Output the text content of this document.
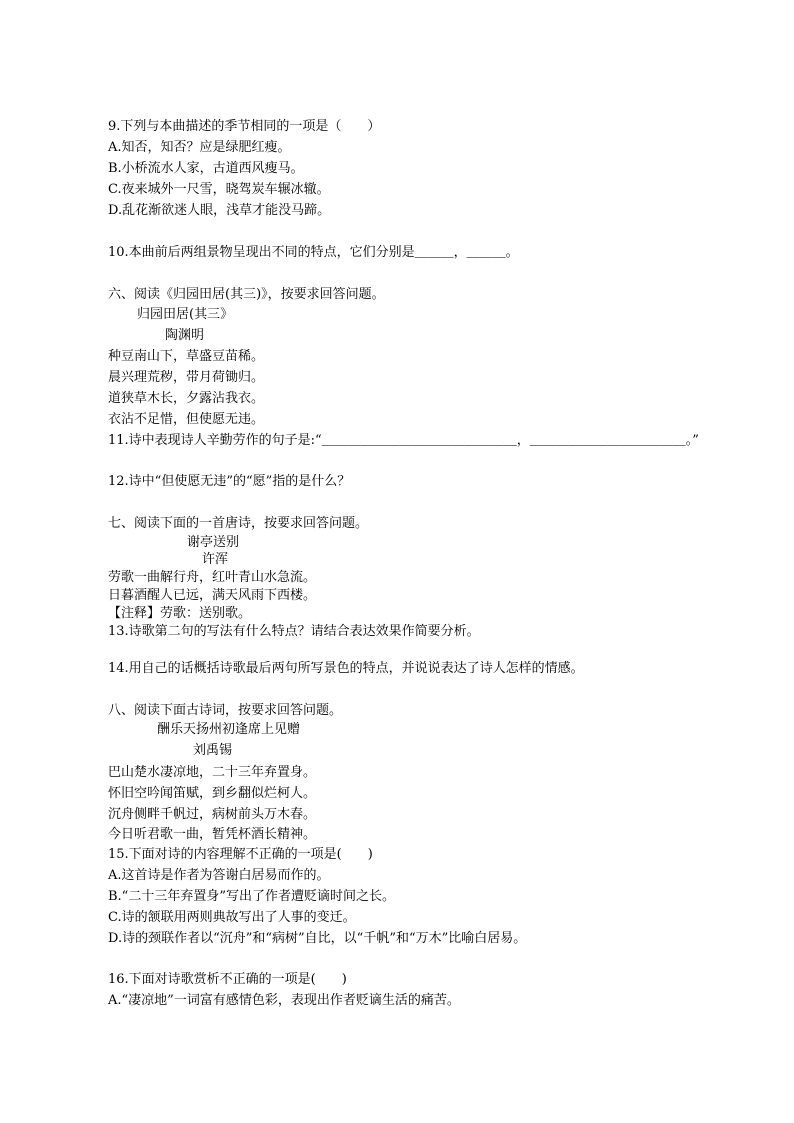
9.下列与本曲描述的季节相同的一项是（　　）
A.知否，知否？应是绿肥红瘦。
B.小桥流水人家，古道西风瘦马。
C.夜来城外一尺雪，晓驾炭车辗冰辙。
D.乱花渐欲迷人眼，浅草才能没马蹄。
10.本曲前后两组景物呈现出不同的特点，它们分别是＿＿＿，＿＿＿。
六、阅读《归园田居(其三)》，按要求回答问题。
归园田居(其三》
陶渊明
种豆南山下，草盛豆苗稀。
晨兴理荒秽，带月荷锄归。
道狭草木长，夕露沾我衣。
衣沾不足惜，但使愿无违。
11.诗中表现诗人辛勤劳作的句子是:“＿＿＿＿＿＿＿＿＿＿＿＿＿＿＿，＿＿＿＿＿＿＿＿＿＿＿＿。”
12.诗中“但使愿无违”的“愿”指的是什么？
七、阅读下面的一首唐诗，按要求回答问题。
谢亭送别
许浑
劳歌一曲解行舟，红叶青山水急流。
日暮酒醒人已远，满天风雨下西楼。
【注释】劳歌：送别歌。
13.诗歌第二句的写法有什么特点？请结合表达效果作简要分析。
14.用自己的话概括诗歌最后两句所写景色的特点，并说说表达了诗人怎样的情感。
八、阅读下面古诗词，按要求回答问题。
酬乐天扬州初逢席上见赠
刘禹锡
巴山楚水凄凉地，二十三年弃置身。
怀旧空吟闻笛赋，到乡翻似烂柯人。
沉舟侧畔千帆过，病树前头万木春。
今日听君歌一曲，暂凭杯酒长精神。
15.下面对诗的内容理解不正确的一项是(　　)
A.这首诗是作者为答谢白居易而作的。
B.“二十三年弃置身”写出了作者遭贬谪时间之长。
C.诗的颔联用两则典故写出了人事的变迁。
D.诗的颈联作者以“沉舟”和“病树”自比，以“千帆”和“万木”比喻白居易。
16.下面对诗歌赏析不正确的一项是(　　)
A.“凄凉地”一词富有感情色彩，表现出作者贬谪生活的痛苦。
